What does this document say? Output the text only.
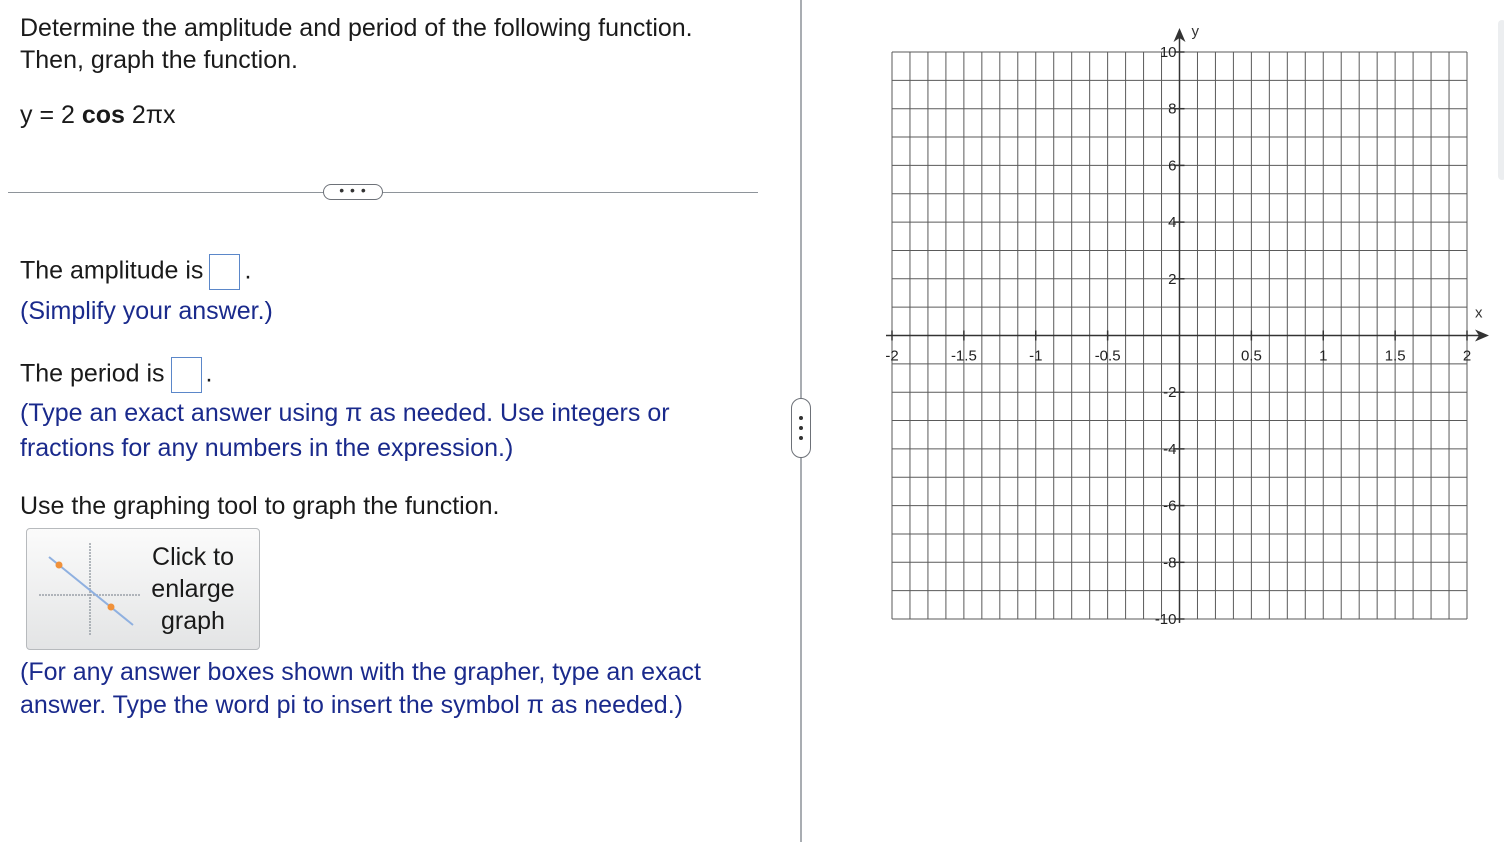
Determine the amplitude and period of the following function.
Then, graph the function.
y = 2 cos 2πx
• • •
The amplitude is .
(Simplify your answer.)
The period is .
(Type an exact answer using π as needed. Use integers or
fractions for any numbers in the expression.)
Use the graphing tool to graph the function.
Click to
enlarge
graph
(For any answer boxes shown with the grapher, type an exact
answer. Type the word pi to insert the symbol π as needed.)
x
y
-2	-1.5	-1	-0.5	0.5	1	1.5	2
10
8
6
4
2
-2
-4
-6
-8
-10
